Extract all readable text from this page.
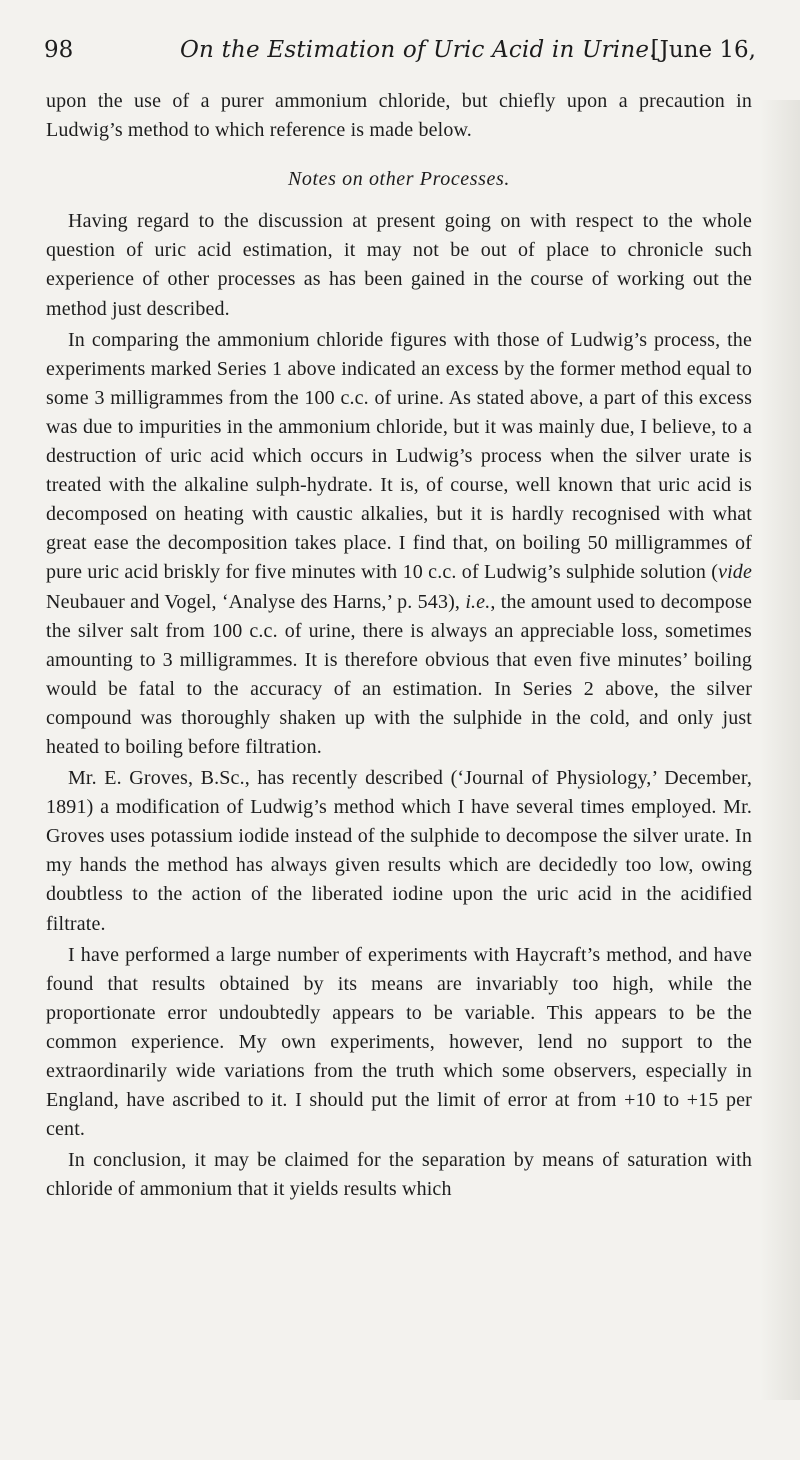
98	On the Estimation of Uric Acid in Urine.
[June 16,

upon the use of a purer ammonium chloride, but chiefly upon a precaution in Ludwig’s method to which reference is made below.

Notes on other Processes.

Having regard to the discussion at present going on with respect to the whole question of uric acid estimation, it may not be out of place to chronicle such experience of other processes as has been gained in the course of working out the method just described.

In comparing the ammonium chloride figures with those of Ludwig’s process, the experiments marked Series 1 above indicated an excess by the former method equal to some 3 milligrammes from the 100 c.c. of urine. As stated above, a part of this excess was due to impurities in the ammonium chloride, but it was mainly due, I believe, to a destruction of uric acid which occurs in Ludwig’s process when the silver urate is treated with the alkaline sulph-hydrate. It is, of course, well known that uric acid is decomposed on heating with caustic alkalies, but it is hardly recognised with what great ease the decomposition takes place. I find that, on boiling 50 milligrammes of pure uric acid briskly for five minutes with 10 c.c. of Ludwig’s sulphide solution (vide Neubauer and Vogel, ‘Analyse des Harns,’ p. 543), i.e., the amount used to decompose the silver salt from 100 c.c. of urine, there is always an appreciable loss, sometimes amounting to 3 milligrammes. It is therefore obvious that even five minutes’ boiling would be fatal to the accuracy of an estimation. In Series 2 above, the silver compound was thoroughly shaken up with the sulphide in the cold, and only just heated to boiling before filtration.

Mr. E. Groves, B.Sc., has recently described (‘Journal of Physiology,’ December, 1891) a modification of Ludwig’s method which I have several times employed. Mr. Groves uses potassium iodide instead of the sulphide to decompose the silver urate. In my hands the method has always given results which are decidedly too low, owing doubtless to the action of the liberated iodine upon the uric acid in the acidified filtrate.

I have performed a large number of experiments with Haycraft’s method, and have found that results obtained by its means are invariably too high, while the proportionate error undoubtedly appears to be variable. This appears to be the common experience. My own experiments, however, lend no support to the extraordinarily wide variations from the truth which some observers, especially in England, have ascribed to it. I should put the limit of error at from +10 to +15 per cent.

In conclusion, it may be claimed for the separation by means of saturation with chloride of ammonium that it yields results which
